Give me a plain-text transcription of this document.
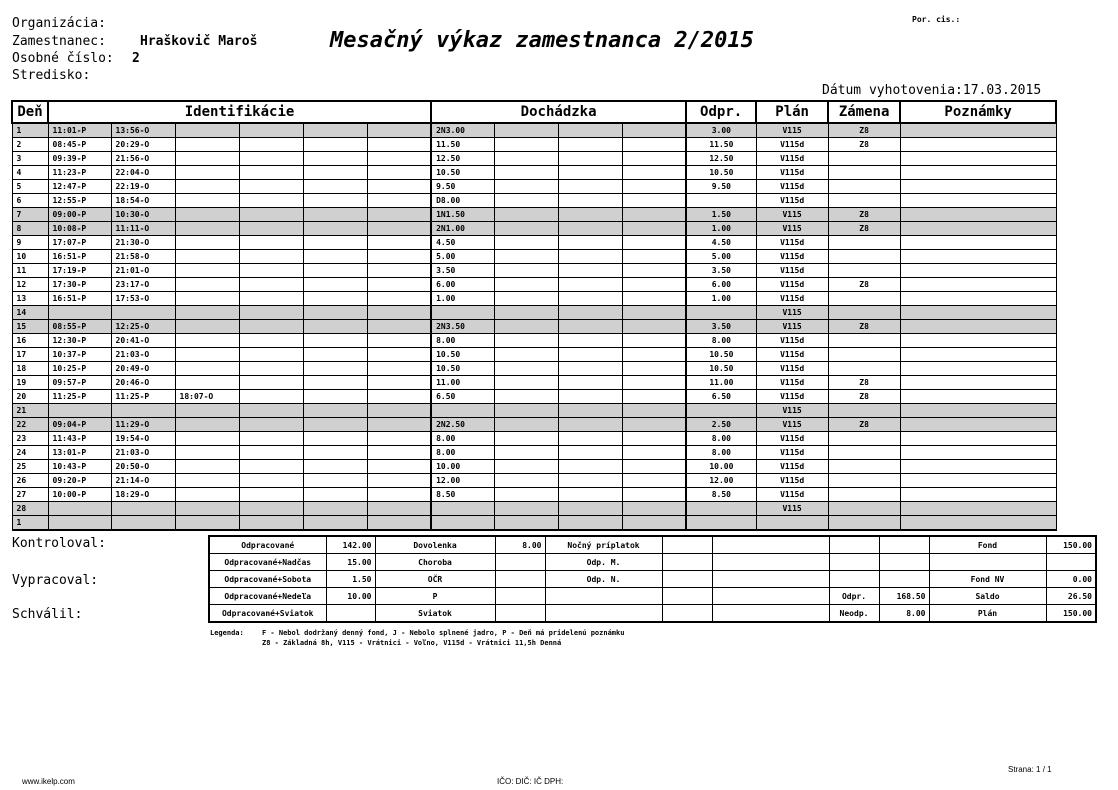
Organizácia:
Zamestnanec:	Hraškovič Maroš
Osobné číslo: 2
Stredisko:
Mesačný výkaz zamestnanca 2/2015
Por. cis.:
Dátum vyhotovenia:17.03.2015
Deň	Identifikácie						Dochádzka				Odpr.	Plán	Zámena	Poznámky
1	11:01-P	13:56-O					2N3.00				3.00	V115	Z8	
2	08:45-P	20:29-O					11.50				11.50	V115d	Z8	
3	09:39-P	21:56-O					12.50				12.50	V115d		
4	11:23-P	22:04-O					10.50				10.50	V115d		
5	12:47-P	22:19-O					9.50				9.50	V115d		
6	12:55-P	18:54-O					D8.00					V115d		
7	09:00-P	10:30-O					1N1.50				1.50	V115	Z8	
8	10:08-P	11:11-O					2N1.00				1.00	V115	Z8	
9	17:07-P	21:30-O					4.50				4.50	V115d		
10	16:51-P	21:58-O					5.00				5.00	V115d		
11	17:19-P	21:01-O					3.50				3.50	V115d		
12	17:30-P	23:17-O					6.00				6.00	V115d	Z8	
13	16:51-P	17:53-O					1.00				1.00	V115d		
14												V115		
15	08:55-P	12:25-O					2N3.50				3.50	V115	Z8	
16	12:30-P	20:41-O					8.00				8.00	V115d		
17	10:37-P	21:03-O					10.50				10.50	V115d		
18	10:25-P	20:49-O					10.50				10.50	V115d		
19	09:57-P	20:46-O					11.00				11.00	V115d	Z8	
20	11:25-P	11:25-P	18:07-O				6.50				6.50	V115d	Z8	
21												V115		
22	09:04-P	11:29-O					2N2.50				2.50	V115	Z8	
23	11:43-P	19:54-O					8.00				8.00	V115d		
24	13:01-P	21:03-O					8.00				8.00	V115d		
25	10:43-P	20:50-O					10.00				10.00	V115d		
26	09:20-P	21:14-O					12.00				12.00	V115d		
27	10:00-P	18:29-O					8.50				8.50	V115d		
28												V115		
1														
Kontroloval:
Vypracoval:
Schválil:
Odpracované	142.00	Dovolenka	8.00	Nočný príplatok					Fond	150.00
Odpracované+Nadčas	15.00	Choroba		Odp. M.						
Odpracované+Sobota	1.50	OČR		Odp. N.					Fond NV	0.00
Odpracované+Nedeľa	10.00	P					Odpr.	168.50	Saldo	26.50
Odpracované+Sviatok		Sviatok					Neodp.	8.00	Plán	150.00
Legenda:	F - Nebol dodržaný denný fond, J - Nebolo splnené jadro, P - Deň má pridelenú poznámku
Z8 - Základná 8h, V115 - Vrátnici - Voľno, V115d - Vrátnici 11,5h Denná
www.ikelp.com	IČO: DIČ: IČ DPH:
Strana: 1 / 1
